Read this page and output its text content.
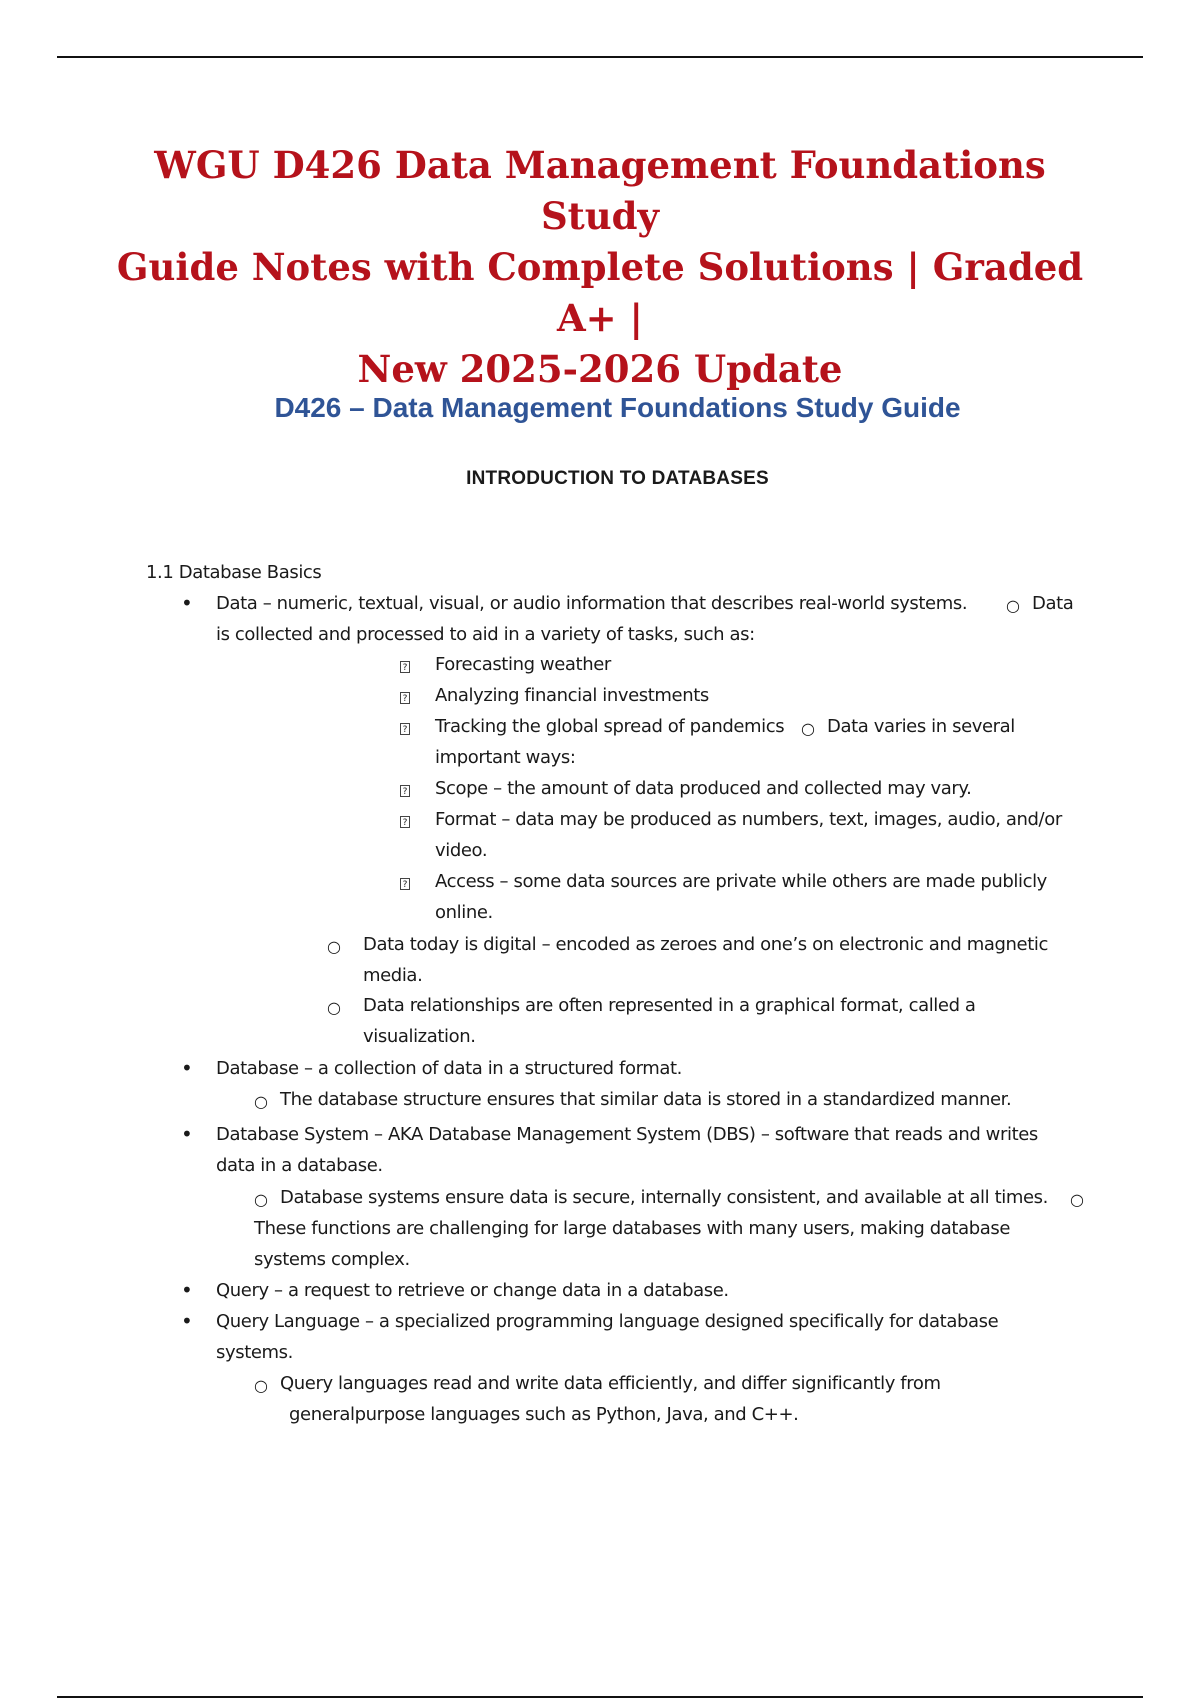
WGU D426 Data Management Foundations Study
Guide Notes with Complete Solutions | Graded A+ |
New 2025-2026 Update
D426 – Data Management Foundations Study Guide
INTRODUCTION TO DATABASES
1.1 Database Basics
• Data – numeric, textual, visual, or audio information that describes real-world systems. ○ Data
is collected and processed to aid in a variety of tasks, such as:
? Forecasting weather
? Analyzing financial investments
? Tracking the global spread of pandemics ○ Data varies in several
important ways:
? Scope – the amount of data produced and collected may vary.
? Format – data may be produced as numbers, text, images, audio, and/or
video.
? Access – some data sources are private while others are made publicly
online.
○ Data today is digital – encoded as zeroes and one’s on electronic and magnetic
media.
○ Data relationships are often represented in a graphical format, called a
visualization.
• Database – a collection of data in a structured format.
○ The database structure ensures that similar data is stored in a standardized manner.
• Database System – AKA Database Management System (DBS) – software that reads and writes
data in a database.
○ Database systems ensure data is secure, internally consistent, and available at all times. ○
These functions are challenging for large databases with many users, making database
systems complex.
• Query – a request to retrieve or change data in a database.
• Query Language – a specialized programming language designed specifically for database
systems.
○ Query languages read and write data efficiently, and differ significantly from
generalpurpose languages such as Python, Java, and C++.
